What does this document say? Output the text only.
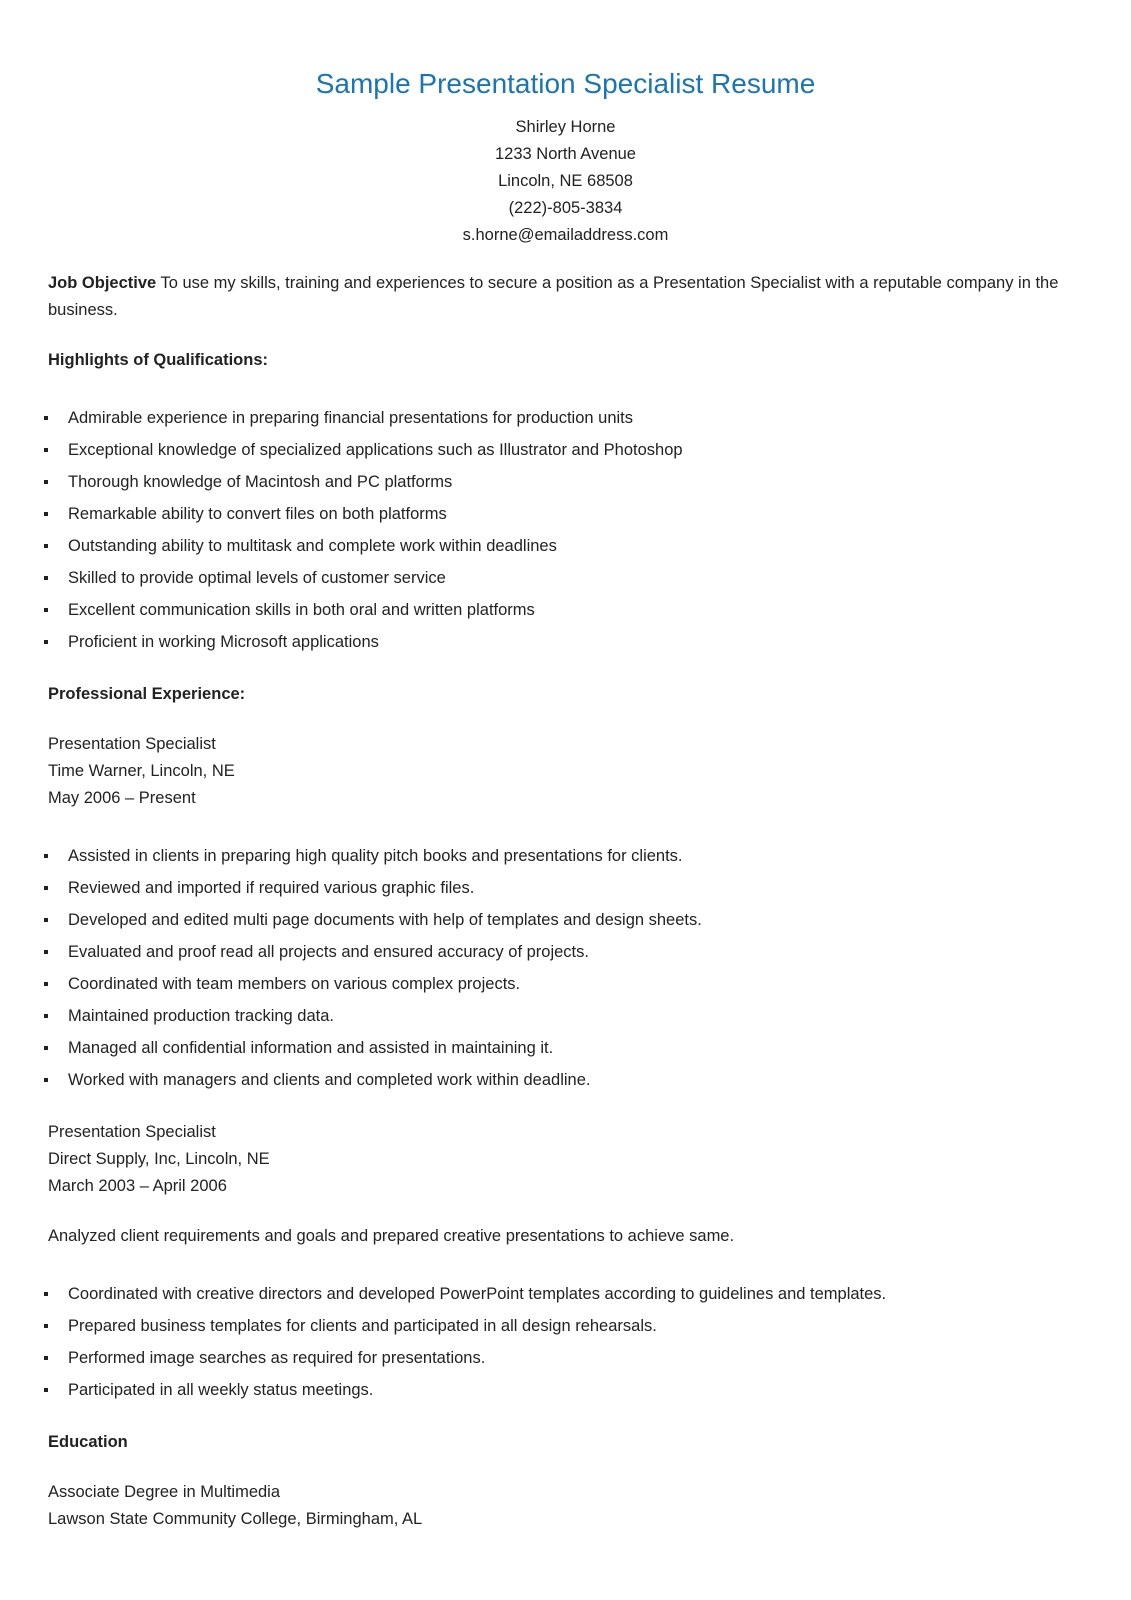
Sample Presentation Specialist Resume
Shirley Horne
1233 North Avenue
Lincoln, NE 68508
(222)-805-3834
s.horne@emailaddress.com
Job Objective To use my skills, training and experiences to secure a position as a Presentation Specialist with a reputable company in the business.
Highlights of Qualifications:
Admirable experience in preparing financial presentations for production units
Exceptional knowledge of specialized applications such as Illustrator and Photoshop
Thorough knowledge of Macintosh and PC platforms
Remarkable ability to convert files on both platforms
Outstanding ability to multitask and complete work within deadlines
Skilled to provide optimal levels of customer service
Excellent communication skills in both oral and written platforms
Proficient in working Microsoft applications
Professional Experience:
Presentation Specialist
Time Warner, Lincoln, NE
May 2006 – Present
Assisted in clients in preparing high quality pitch books and presentations for clients.
Reviewed and imported if required various graphic files.
Developed and edited multi page documents with help of templates and design sheets.
Evaluated and proof read all projects and ensured accuracy of projects.
Coordinated with team members on various complex projects.
Maintained production tracking data.
Managed all confidential information and assisted in maintaining it.
Worked with managers and clients and completed work within deadline.
Presentation Specialist
Direct Supply, Inc, Lincoln, NE
March 2003 – April 2006
Analyzed client requirements and goals and prepared creative presentations to achieve same.
Coordinated with creative directors and developed PowerPoint templates according to guidelines and templates.
Prepared business templates for clients and participated in all design rehearsals.
Performed image searches as required for presentations.
Participated in all weekly status meetings.
Education
Associate Degree in Multimedia
Lawson State Community College, Birmingham, AL
